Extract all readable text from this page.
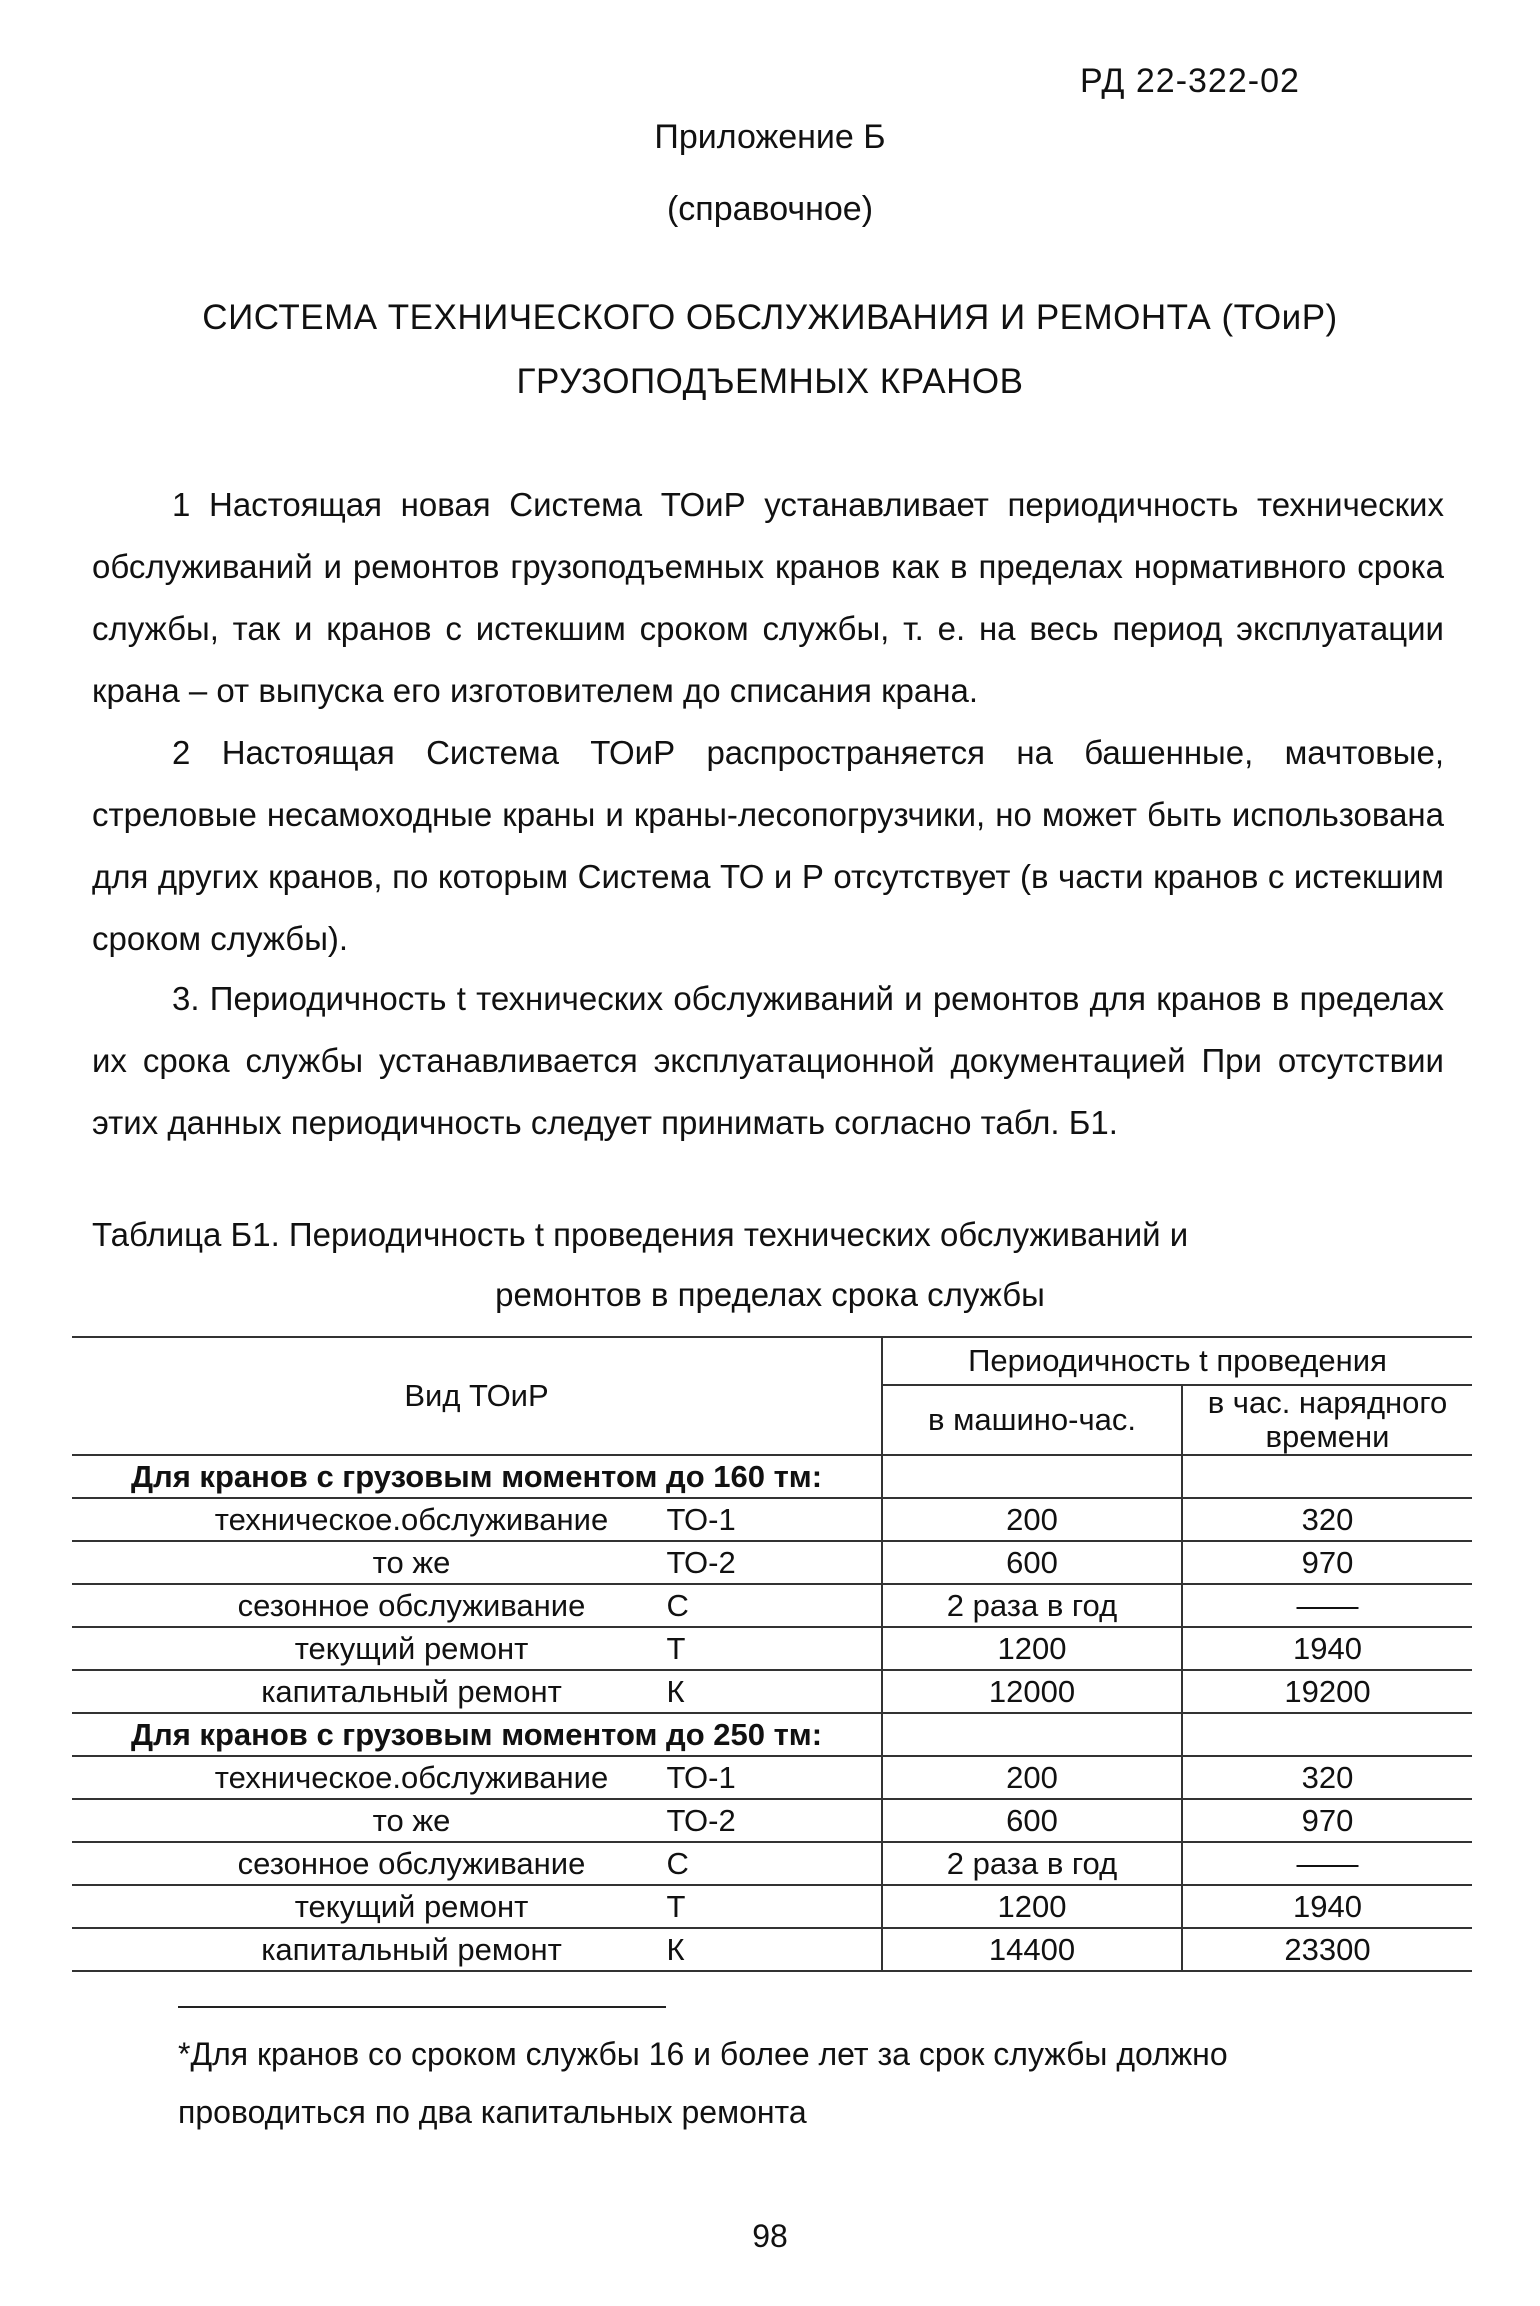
РД 22-322-02
Приложение Б
(справочное)
СИСТЕМА ТЕХНИЧЕСКОГО ОБСЛУЖИВАНИЯ И РЕМОНТА (ТОиР)
ГРУЗОПОДЪЕМНЫХ КРАНОВ
1 Настоящая новая Система ТОиР устанавливает периодичность технических обслуживаний и ремонтов грузоподъемных кранов как в пределах нормативного срока службы, так и кранов с истекшим сроком службы, т. е. на весь период эксплуатации крана – от выпуска его изготовителем до списания крана.
2 Настоящая Система ТОиР распространяется на башенные, мачтовые, стреловые несамоходные краны и краны-лесопогрузчики, но может быть использована для других кранов, по которым Система ТО и Р отсутствует (в части кранов с истекшим сроком службы).
3. Периодичность t технических обслуживаний и ремонтов для кранов в пределах их срока службы устанавливается эксплуатационной документацией При отсутствии этих данных периодичность следует принимать согласно табл. Б1.
Таблица Б1. Периодичность t проведения технических обслуживаний и
ремонтов в пределах срока службы
Вид ТОиР	Периодичность t проведения	
	в машино-час.	в час. нарядного времени
Для кранов с грузовым моментом до 160 тм:		
техническое.обслуживание ТО-1	200	320
то же ТО-2	600	970
сезонное обслуживание С	2 раза в год	——
текущий ремонт Т	1200	1940
капитальный ремонт К	12000	19200
Для кранов с грузовым моментом до 250 тм:		
техническое.обслуживание ТО-1	200	320
то же ТО-2	600	970
сезонное обслуживание С	2 раза в год	——
текущий ремонт Т	1200	1940
капитальный ремонт К	14400	23300
*Для кранов со сроком службы 16 и более лет за срок службы должно
проводиться по два капитальных ремонта
98
